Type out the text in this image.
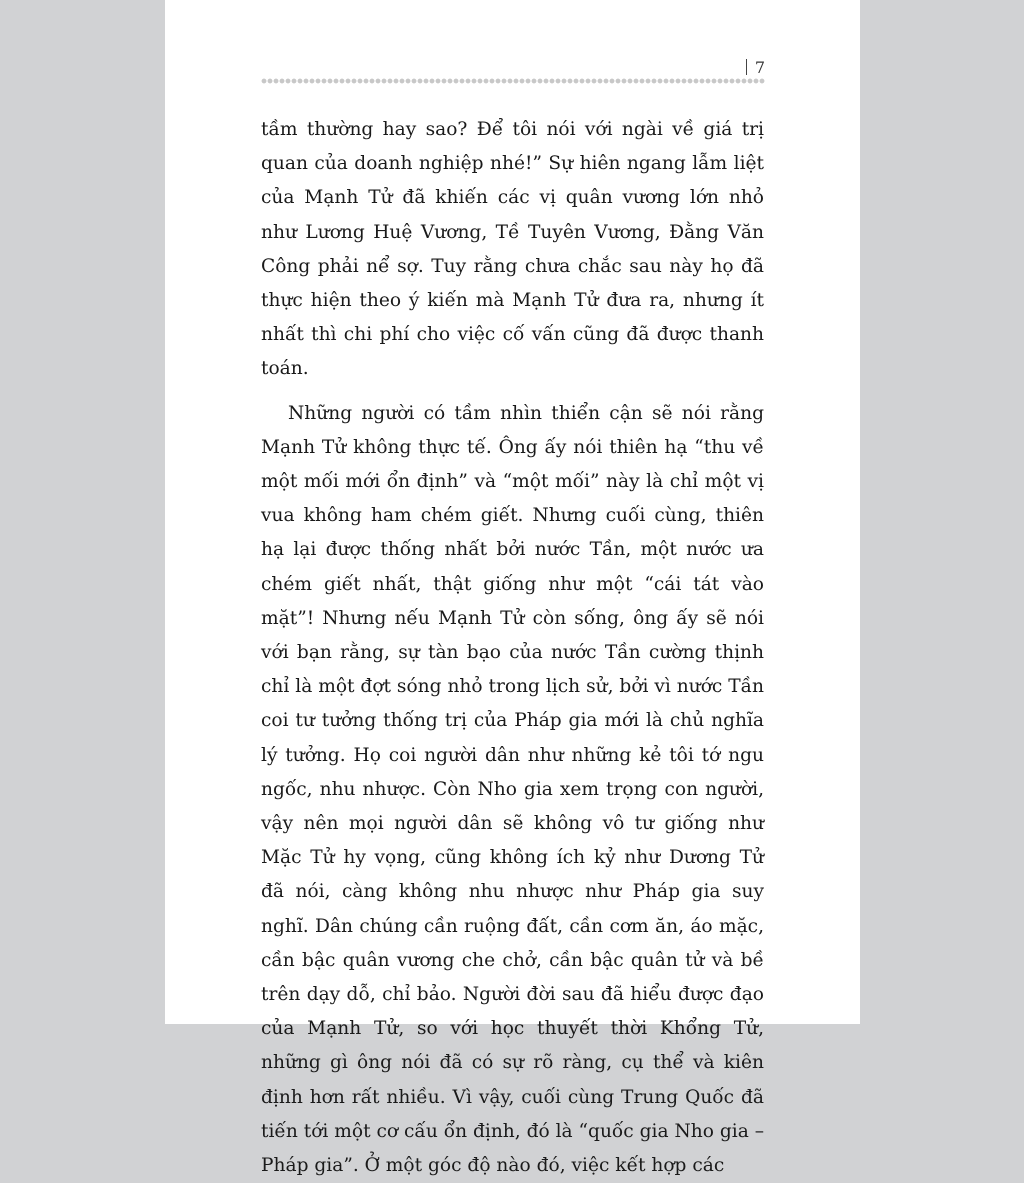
7

tầm thường hay sao? Để tôi nói với ngài về giá trị quan của doanh nghiệp nhé!” Sự hiên ngang lẫm liệt của Mạnh Tử đã khiến các vị quân vương lớn nhỏ như Lương Huệ Vương, Tề Tuyên Vương, Đằng Văn Công phải nể sợ. Tuy rằng chưa chắc sau này họ đã thực hiện theo ý kiến mà Mạnh Tử đưa ra, nhưng ít nhất thì chi phí cho việc cố vấn cũng đã được thanh toán.

Những người có tầm nhìn thiển cận sẽ nói rằng Mạnh Tử không thực tế. Ông ấy nói thiên hạ “thu về một mối mới ổn định” và “một mối” này là chỉ một vị vua không ham chém giết. Nhưng cuối cùng, thiên hạ lại được thống nhất bởi nước Tần, một nước ưa chém giết nhất, thật giống như một “cái tát vào mặt”! Nhưng nếu Mạnh Tử còn sống, ông ấy sẽ nói với bạn rằng, sự tàn bạo của nước Tần cường thịnh chỉ là một đợt sóng nhỏ trong lịch sử, bởi vì nước Tần coi tư tưởng thống trị của Pháp gia mới là chủ nghĩa lý tưởng. Họ coi người dân như những kẻ tôi tớ ngu ngốc, nhu nhược. Còn Nho gia xem trọng con người, vậy nên mọi người dân sẽ không vô tư giống như Mặc Tử hy vọng, cũng không ích kỷ như Dương Tử đã nói, càng không nhu nhược như Pháp gia suy nghĩ. Dân chúng cần ruộng đất, cần cơm ăn, áo mặc, cần bậc quân vương che chở, cần bậc quân tử và bề trên dạy dỗ, chỉ bảo. Người đời sau đã hiểu được đạo của Mạnh Tử, so với học thuyết thời Khổng Tử, những gì ông nói đã có sự rõ ràng, cụ thể và kiên định hơn rất nhiều. Vì vậy, cuối cùng Trung Quốc đã tiến tới một cơ cấu ổn định, đó là “quốc gia Nho gia – Pháp gia”. Ở một góc độ nào đó, việc kết hợp các
